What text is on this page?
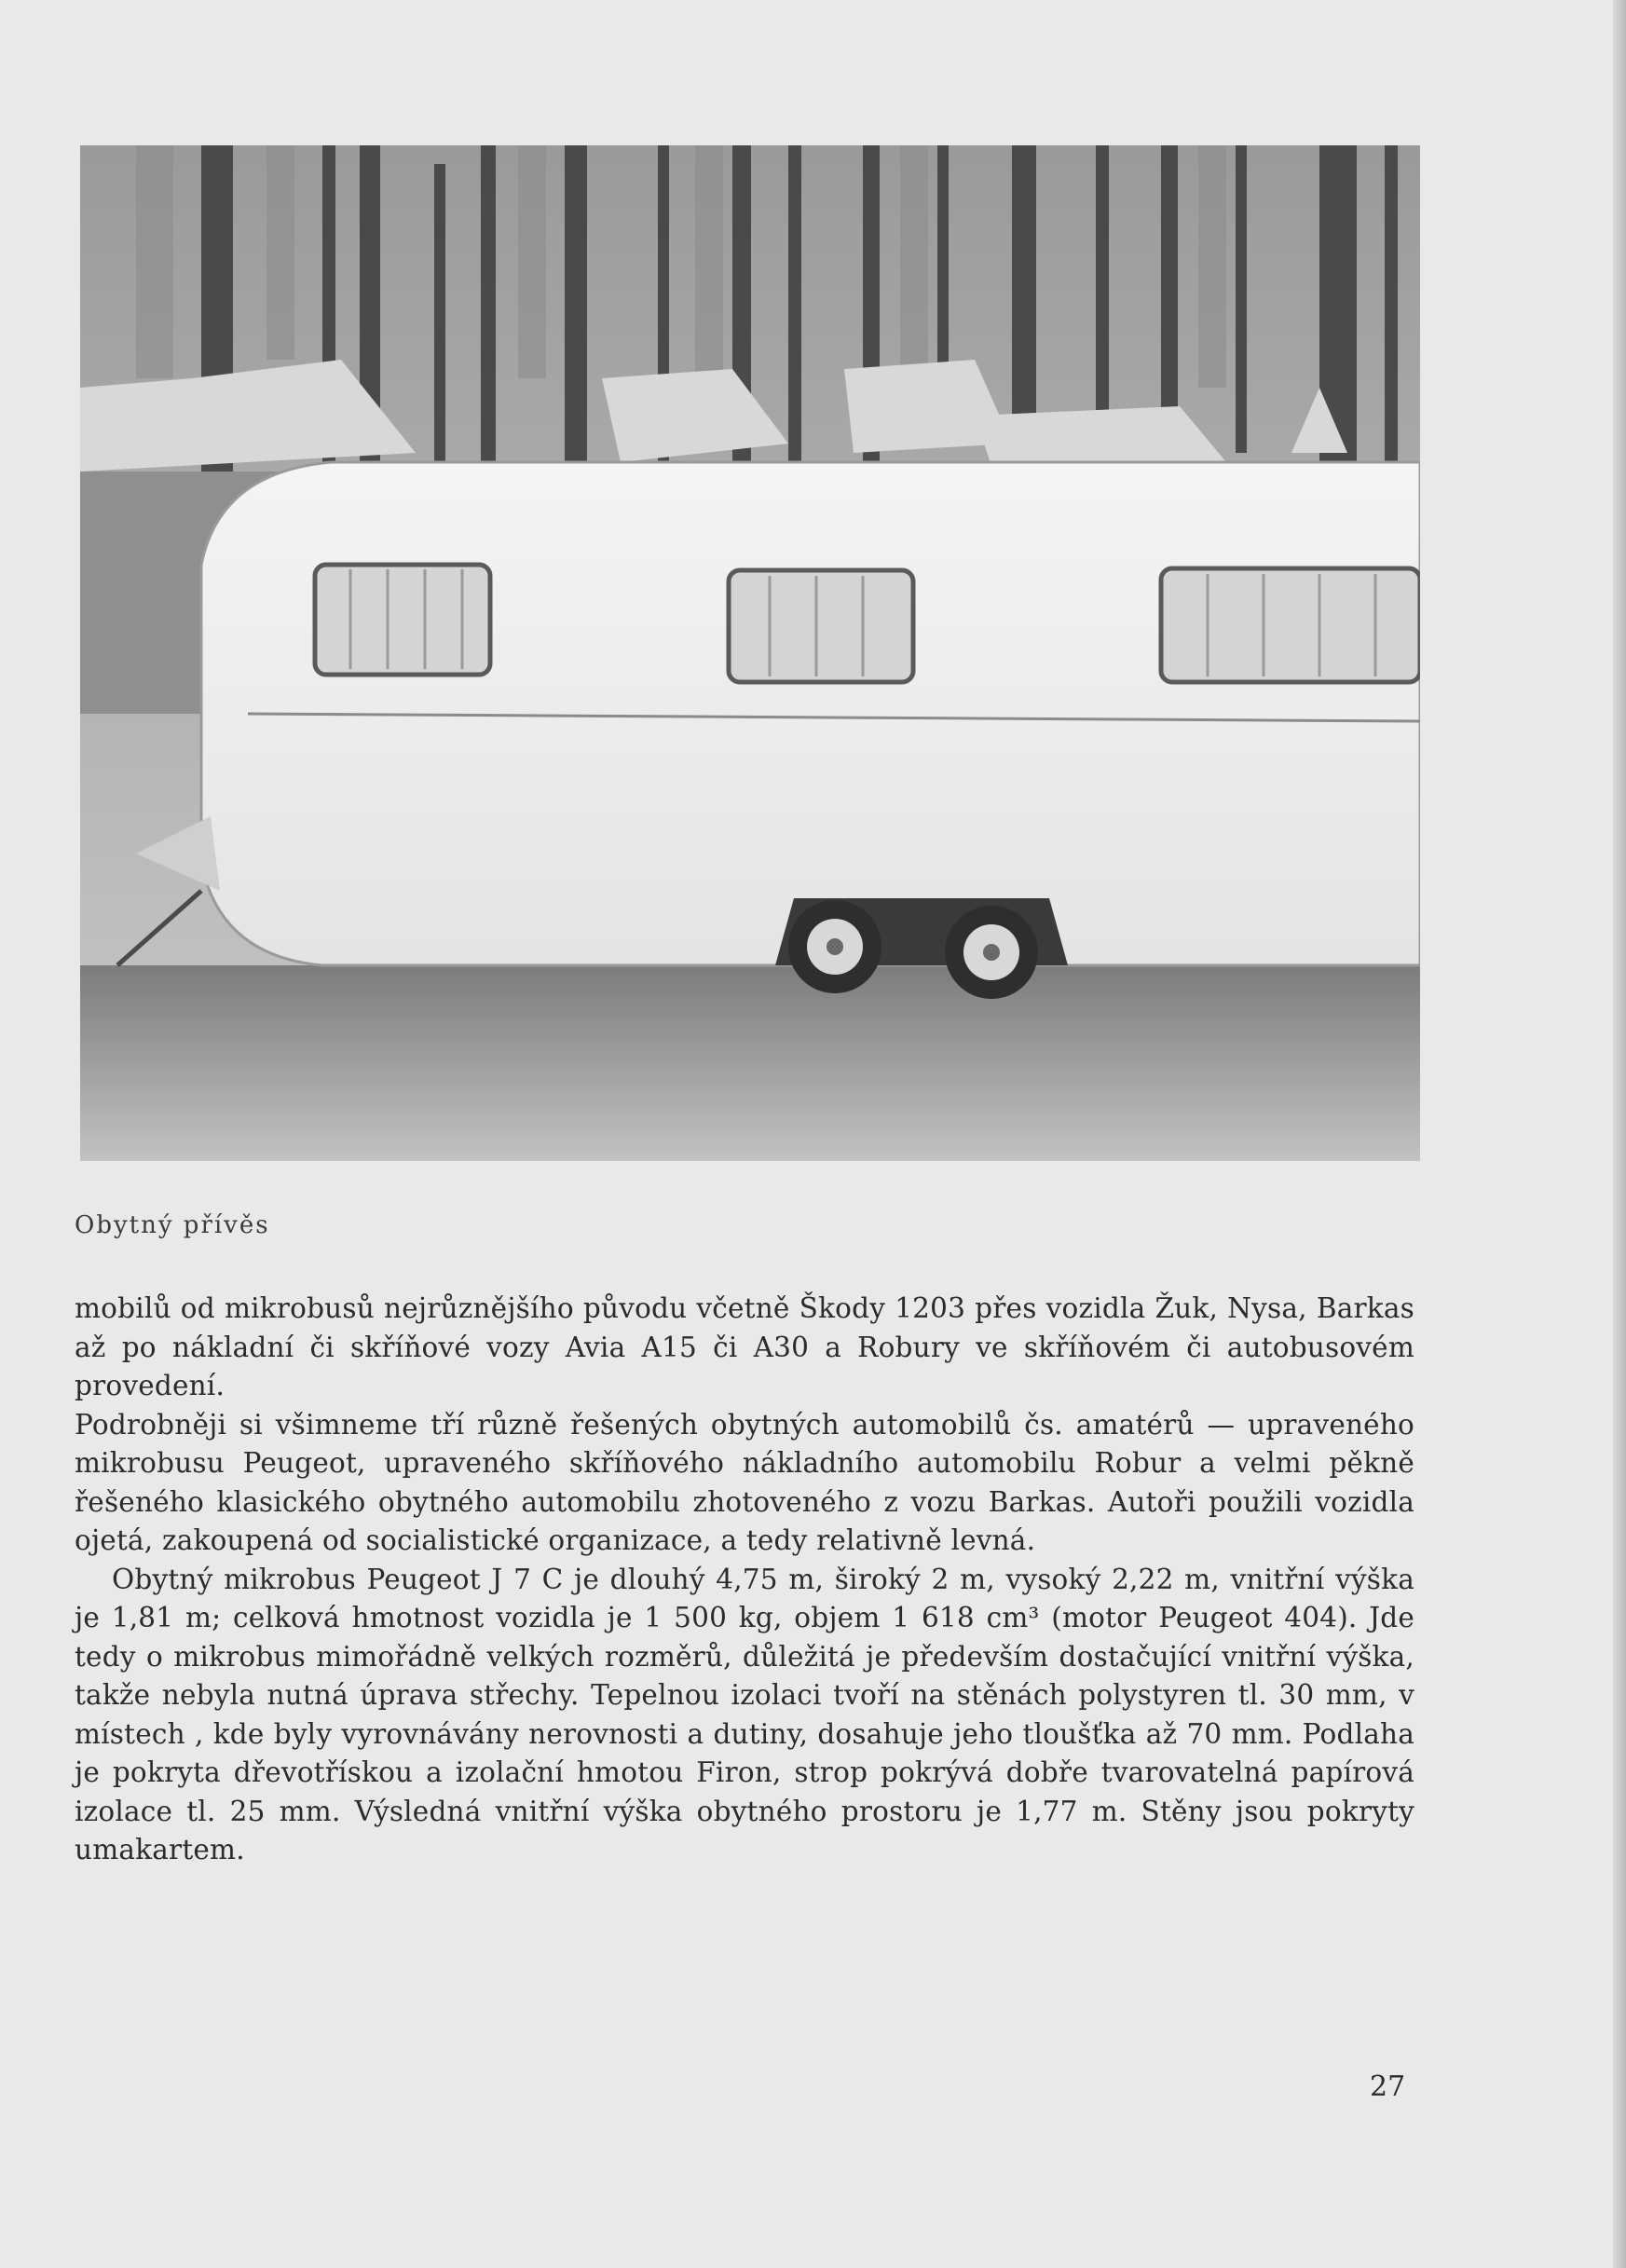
Obytný přívěs

mobilů od mikrobusů nejrůznějšího původu včetně Škody 1203 přes vozidla Žuk, Nysa, Barkas až po nákladní či skříňové vozy Avia A15 či A30 a Robury ve skříňovém či autobusovém provedení.

Podrobněji si všimneme tří různě řešených obytných automobilů čs. amatérů — upraveného mikrobusu Peugeot, upraveného skříňového nákladního automobilu Robur a velmi pěkně řešeného klasického obytného automobilu zhotoveného z vozu Barkas. Autoři použili vozidla ojetá, zakoupená od socialistické organizace, a tedy relativně levná.

Obytný mikrobus Peugeot J 7 C je dlouhý 4,75 m, široký 2 m, vysoký 2,22 m, vnitřní výška je 1,81 m; celková hmotnost vozidla je 1 500 kg, objem 1 618 cm³ (motor Peugeot 404). Jde tedy o mikrobus mimořádně velkých rozměrů, důležitá je především dostačující vnitřní výška, takže nebyla nutná úprava střechy. Tepelnou izolaci tvoří na stěnách polystyren tl. 30 mm, v místech , kde byly vyrovnávány nerovnosti a dutiny, dosahuje jeho tloušťka až 70 mm. Podlaha je pokryta dřevotřískou a izolační hmotou Firon, strop pokrývá dobře tvarovatelná papírová izolace tl. 25 mm. Výsledná vnitřní výška obytného prostoru je 1,77 m. Stěny jsou pokryty umakartem.

27
